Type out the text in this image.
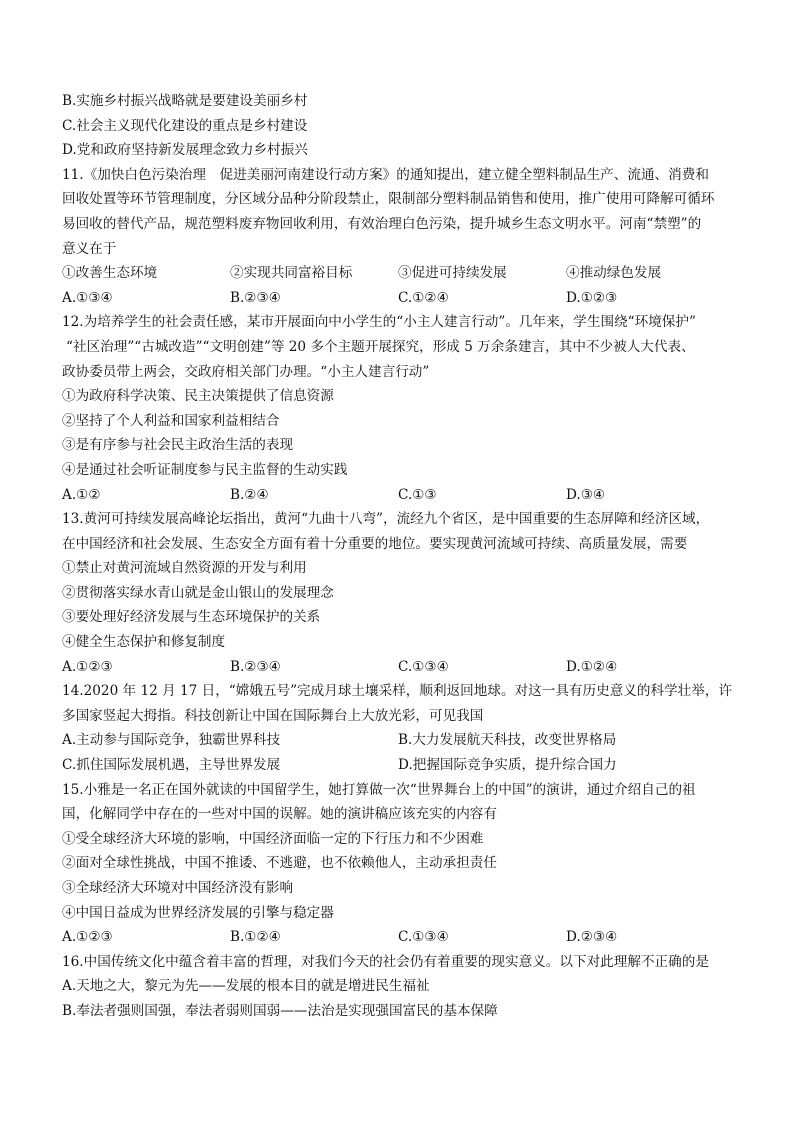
B.实施乡村振兴战略就是要建设美丽乡村
C.社会主义现代化建设的重点是乡村建设
D.党和政府坚持新发展理念致力乡村振兴
11.《加快白色污染治理　促进美丽河南建设行动方案》的通知提出，建立健全塑料制品生产、流通、消费和
回收处置等环节管理制度，分区域分品种分阶段禁止，限制部分塑料制品销售和使用，推广使用可降解可循环
易回收的替代产品，规范塑料废弃物回收利用，有效治理白色污染，提升城乡生态文明水平。河南“禁塑”的
意义在于
①改善生态环境	②实现共同富裕目标	③促进可持续发展	④推动绿色发展
A.①③④	B.②③④	C.①②④	D.①②③
12.为培养学生的社会责任感，某市开展面向中小学生的“小主人建言行动”。几年来，学生围绕“环境保护”
“社区治理”“古城改造”“文明创建”等 20 多个主题开展探究，形成 5 万余条建言，其中不少被人大代表、
政协委员带上两会，交政府相关部门办理。“小主人建言行动”
①为政府科学决策、民主决策提供了信息资源
②坚持了个人利益和国家利益相结合
③是有序参与社会民主政治生活的表现
④是通过社会听证制度参与民主监督的生动实践
A.①②	B.②④	C.①③	D.③④
13.黄河可持续发展高峰论坛指出，黄河“九曲十八弯”，流经九个省区，是中国重要的生态屏障和经济区域，
在中国经济和社会发展、生态安全方面有着十分重要的地位。要实现黄河流域可持续、高质量发展，需要
①禁止对黄河流域自然资源的开发与利用
②贯彻落实绿水青山就是金山银山的发展理念
③要处理好经济发展与生态环境保护的关系
④健全生态保护和修复制度
A.①②③	B.②③④	C.①③④	D.①②④
14.2020 年 12 月 17 日，“嫦娥五号”完成月球土壤采样，顺利返回地球。对这一具有历史意义的科学壮举，许
多国家竖起大拇指。科技创新让中国在国际舞台上大放光彩，可见我国
A.主动参与国际竞争，独霸世界科技	B.大力发展航天科技，改变世界格局
C.抓住国际发展机遇，主导世界发展	D.把握国际竞争实质，提升综合国力
15.小雅是一名正在国外就读的中国留学生，她打算做一次“世界舞台上的中国”的演讲，通过介绍自己的祖
国，化解同学中存在的一些对中国的误解。她的演讲稿应该充实的内容有
①受全球经济大环境的影响，中国经济面临一定的下行压力和不少困难
②面对全球性挑战，中国不推诿、不逃避，也不依赖他人，主动承担责任
③全球经济大环境对中国经济没有影响
④中国日益成为世界经济发展的引擎与稳定器
A.①②③	B.①②④	C.①③④	D.②③④
16.中国传统文化中蕴含着丰富的哲理，对我们今天的社会仍有着重要的现实意义。以下对此理解不正确的是
A.天地之大，黎元为先——发展的根本目的就是增进民生福祉
B.奉法者强则国强，奉法者弱则国弱——法治是实现强国富民的基本保障
